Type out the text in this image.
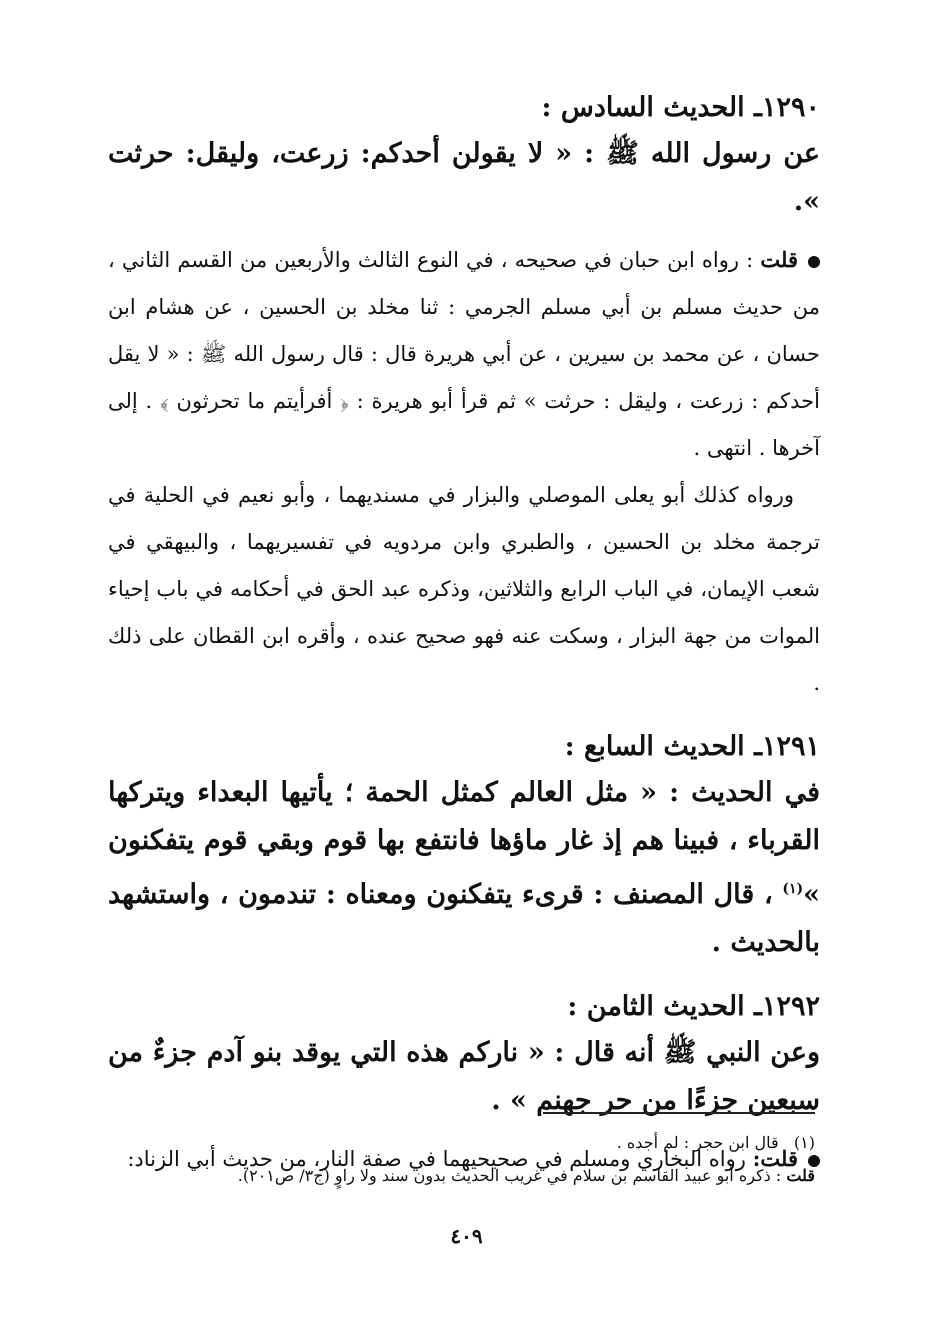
١٢٩٠ـ الحديث السادس :

عن رسول الله ﷺ : « لا يقولن أحدكم: زرعت، وليقل: حرثت ».

قلت : رواه ابن حبان في صحيحه ، في النوع الثالث والأربعين من القسم الثاني ، من حديث مسلم بن أبي مسلم الجرمي : ثنا مخلد بن الحسين ، عن هشام ابن حسان ، عن محمد بن سيرين ، عن أبي هريرة قال : قال رسول الله ﷺ : « لا يقل أحدكم : زرعت ، وليقل : حرثت » ثم قرأ أبو هريرة : ﴿ أفرأيتم ما تحرثون ﴾ . إلى آخرها . انتهى .

ورواه كذلك أبو يعلى الموصلي والبزار في مسنديهما ، وأبو نعيم في الحلية في ترجمة مخلد بن الحسين ، والطبري وابن مردويه في تفسيريهما ، والبيهقي في شعب الإيمان، في الباب الرابع والثلاثين، وذكره عبد الحق في أحكامه في باب إحياء الموات من جهة البزار ، وسكت عنه فهو صحيح عنده ، وأقره ابن القطان على ذلك .

١٢٩١ـ الحديث السابع :

في الحديث : « مثل العالم كمثل الحمة ؛ يأتيها البعداء ويتركها القرباء ، فبينا هم إذ غار ماؤها فانتفع بها قوم وبقي قوم يتفكنون »$^{(١)}$ ، قال المصنف : قرىء يتفكنون ومعناه : تندمون ، واستشهد بالحديث .

١٢٩٢ـ الحديث الثامن :

وعن النبي ﷺ أنه قال : « ناركم هذه التي يوقد بنو آدم جزءٌ من سبعين جزءًا من حر جهنم » .

قلت: رواه البخاري ومسلم في صحيحيهما في صفة النار، من حديث أبي الزناد:

(١)   قال ابن حجر : لم أجده .

قلت : ذكره أبو عبيد القاسم بن سلام في غريب الحديث بدون سند ولا راوٍ (ج٣/ ص٢٠١).

٤٠٩
